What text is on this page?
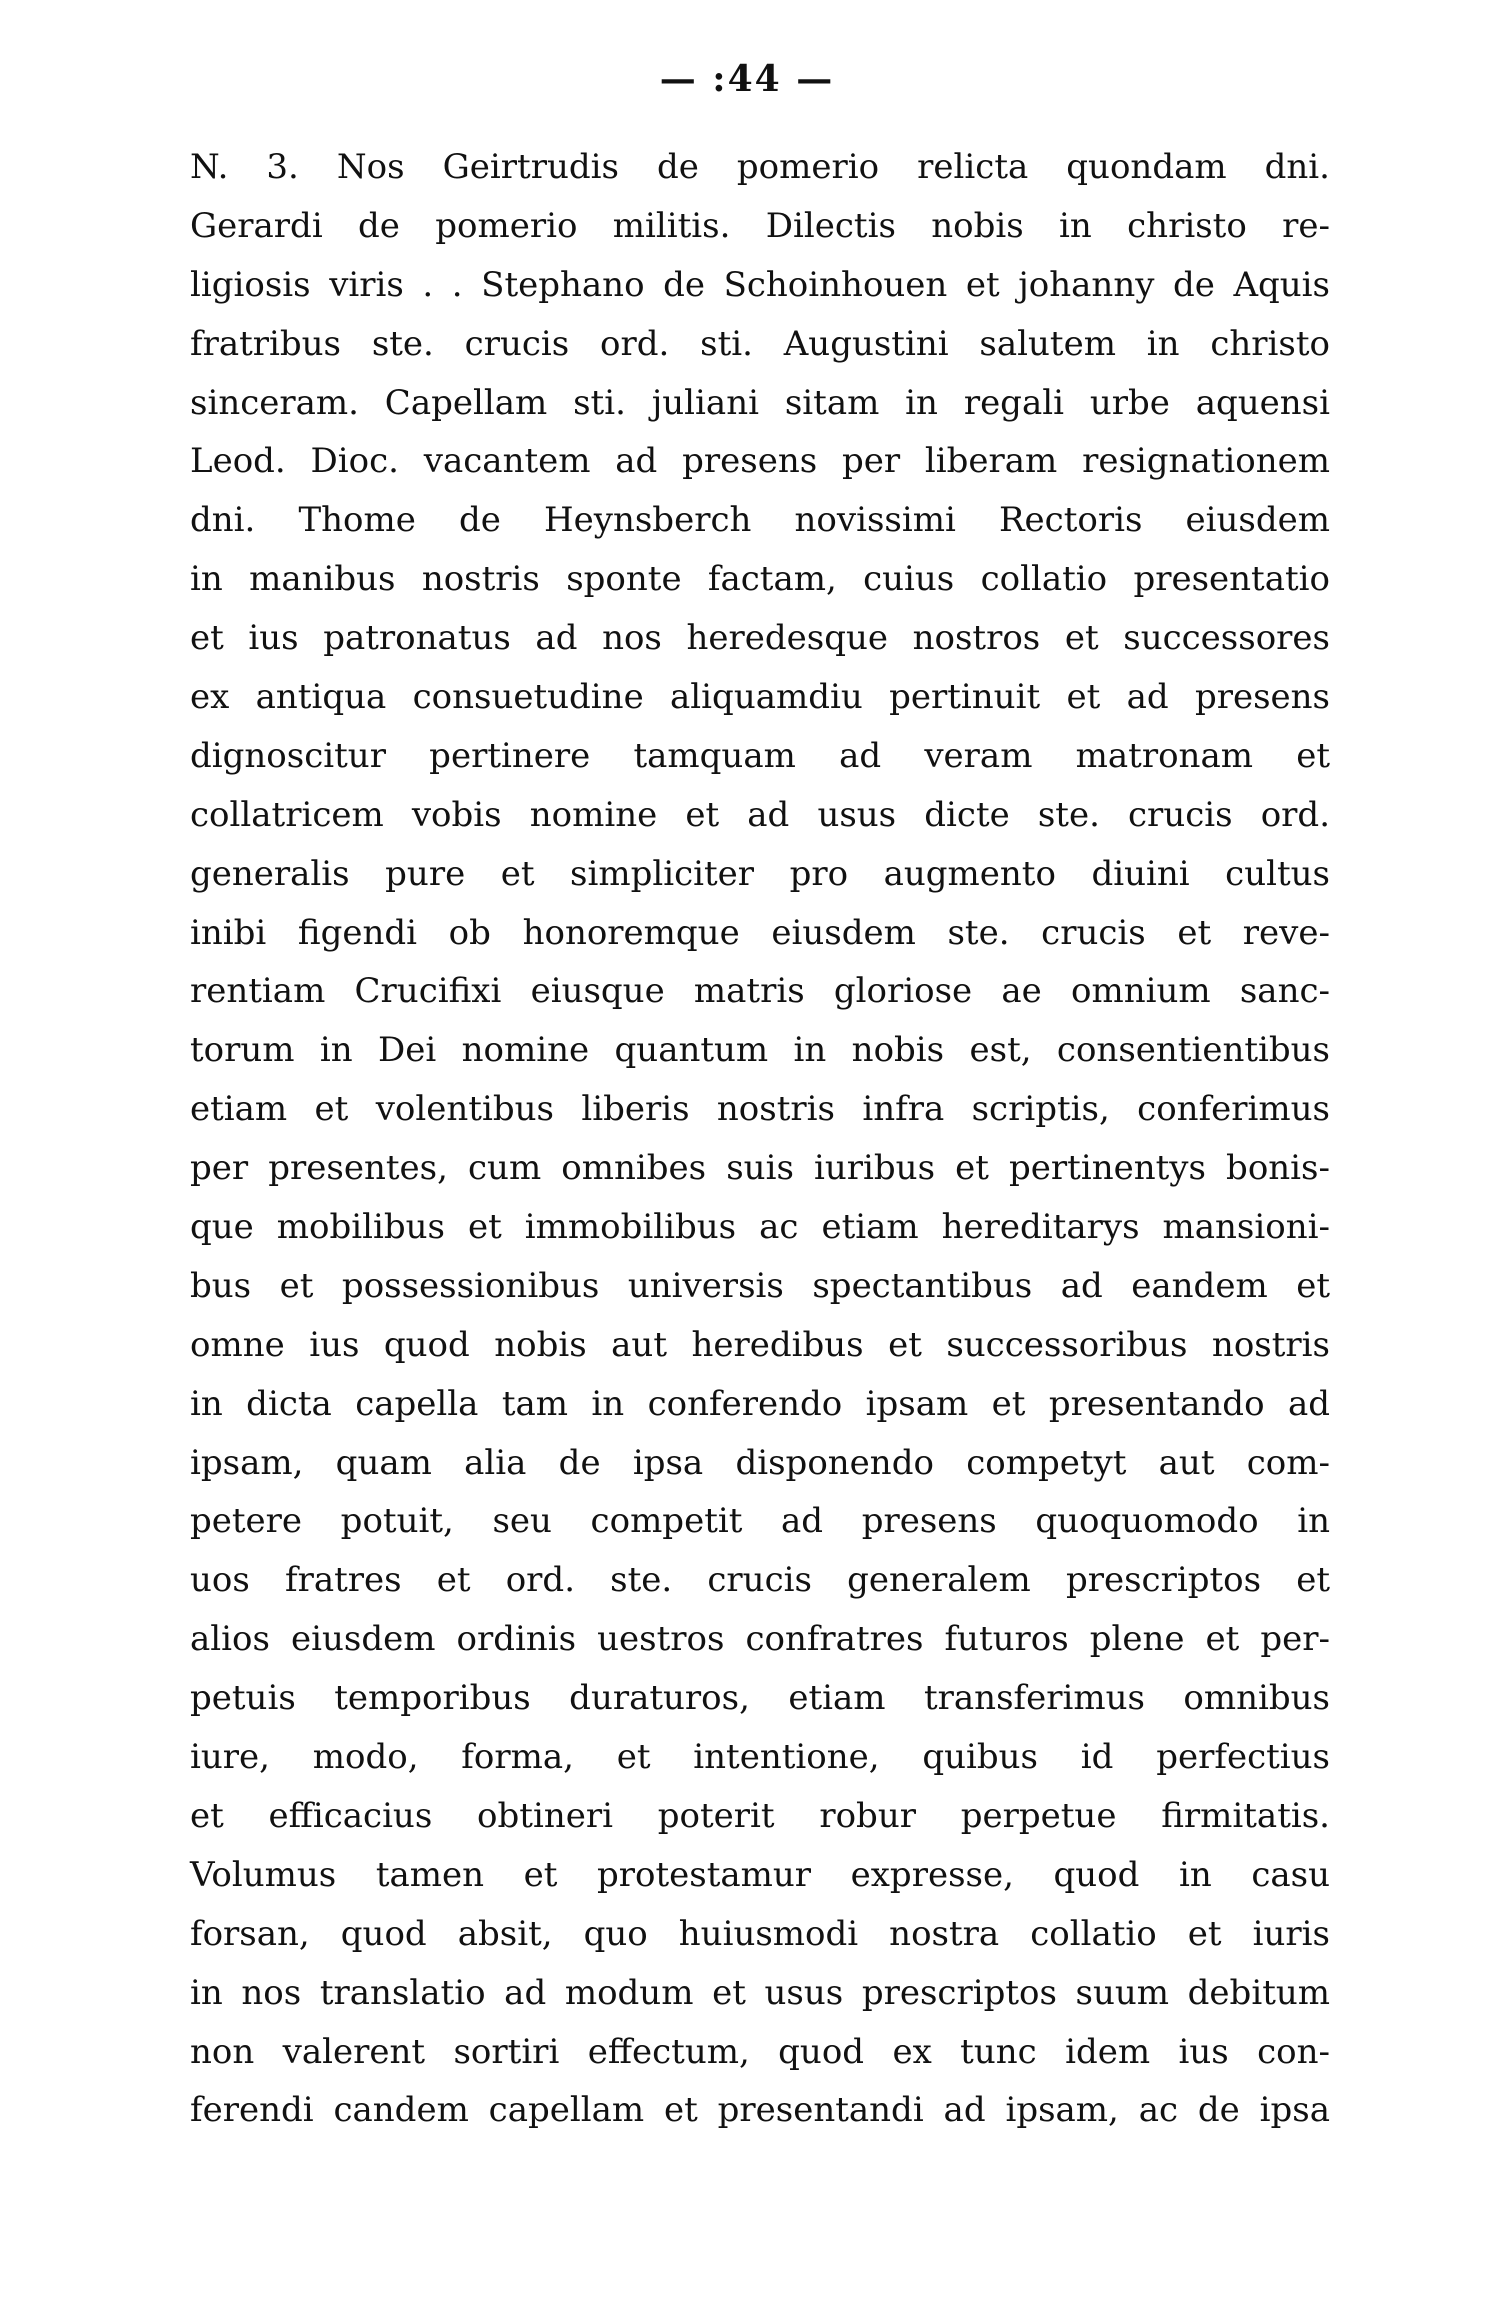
— :44 —
N. 3. Nos Geirtrudis de pomerio relicta quondam dni.
Gerardi de pomerio militis. Dilectis nobis in christo re-
ligiosis viris . . Stephano de Schoinhouen et johanny de Aquis
fratribus ste. crucis ord. sti. Augustini salutem in christo
sinceram. Capellam sti. juliani sitam in regali urbe aquensi
Leod. Dioc. vacantem ad presens per liberam resignationem
dni. Thome de Heynsberch novissimi Rectoris eiusdem
in manibus nostris sponte factam, cuius collatio presentatio
et ius patronatus ad nos heredesque nostros et successores
ex antiqua consuetudine aliquamdiu pertinuit et ad presens
dignoscitur pertinere tamquam ad veram matronam et
collatricem vobis nomine et ad usus dicte ste. crucis ord.
generalis pure et simpliciter pro augmento diuini cultus
inibi figendi ob honoremque eiusdem ste. crucis et reve-
rentiam Crucifixi eiusque matris gloriose ae omnium sanc-
torum in Dei nomine quantum in nobis est, consentientibus
etiam et volentibus liberis nostris infra scriptis, conferimus
per presentes, cum omnibes suis iuribus et pertinentys bonis-
que mobilibus et immobilibus ac etiam hereditarys mansioni-
bus et possessionibus universis spectantibus ad eandem et
omne ius quod nobis aut heredibus et successoribus nostris
in dicta capella tam in conferendo ipsam et presentando ad
ipsam, quam alia de ipsa disponendo competyt aut com-
petere potuit, seu competit ad presens quoquomodo in
uos fratres et ord. ste. crucis generalem prescriptos et
alios eiusdem ordinis uestros confratres futuros plene et per-
petuis temporibus duraturos, etiam transferimus omnibus
iure, modo, forma, et intentione, quibus id perfectius
et efficacius obtineri poterit robur perpetue firmitatis.
Volumus tamen et protestamur expresse, quod in casu
forsan, quod absit, quo huiusmodi nostra collatio et iuris
in nos translatio ad modum et usus prescriptos suum debitum
non valerent sortiri effectum, quod ex tunc idem ius con-
ferendi candem capellam et presentandi ad ipsam, ac de ipsa
